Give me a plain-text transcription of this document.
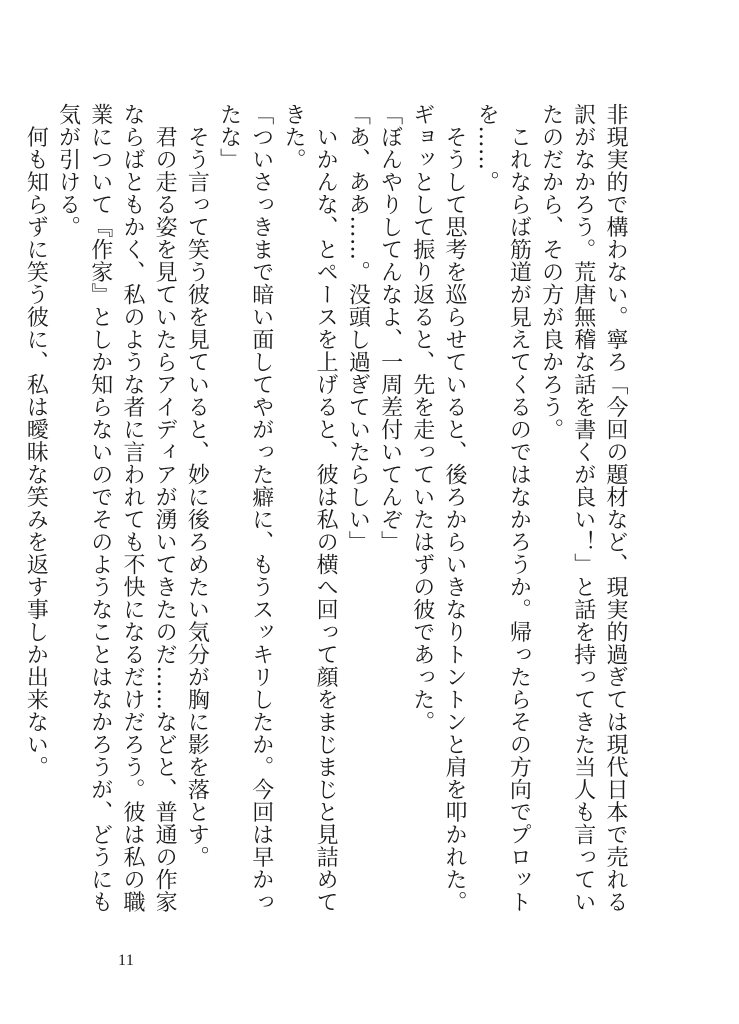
非現実的で構わない。寧ろ「今回の題材など、現実的過ぎては現代日本で売れる訳がなかろう。荒唐無稽な話を書くが良い！」と話を持ってきた当人も言っていたのだから、その方が良かろう。

　これならば筋道が見えてくるのではなかろうか。帰ったらその方向でプロットを……。

　そうして思考を巡らせていると、後ろからいきなりトントンと肩を叩かれた。ギョッとして振り返ると、先を走っていたはずの彼であった。

「ぼんやりしてんなよ、一周差付いてんぞ」

「あ、ああ……。没頭し過ぎていたらしい」

　いかんな、とペースを上げると、彼は私の横へ回って顔をまじまじと見詰めてきた。

「ついさっきまで暗い面してやがった癖に、もうスッキリしたか。今回は早かったな」

　そう言って笑う彼を見ていると、妙に後ろめたい気分が胸に影を落とす。

　君の走る姿を見ていたらアイディアが湧いてきたのだ……などと、普通の作家ならばともかく、私のような者に言われても不快になるだけだろう。彼は私の職業について『作家』としか知らないのでそのようなことはなかろうが、どうにも気が引ける。

　何も知らずに笑う彼に、私は曖昧な笑みを返す事しか出来ない。

11
